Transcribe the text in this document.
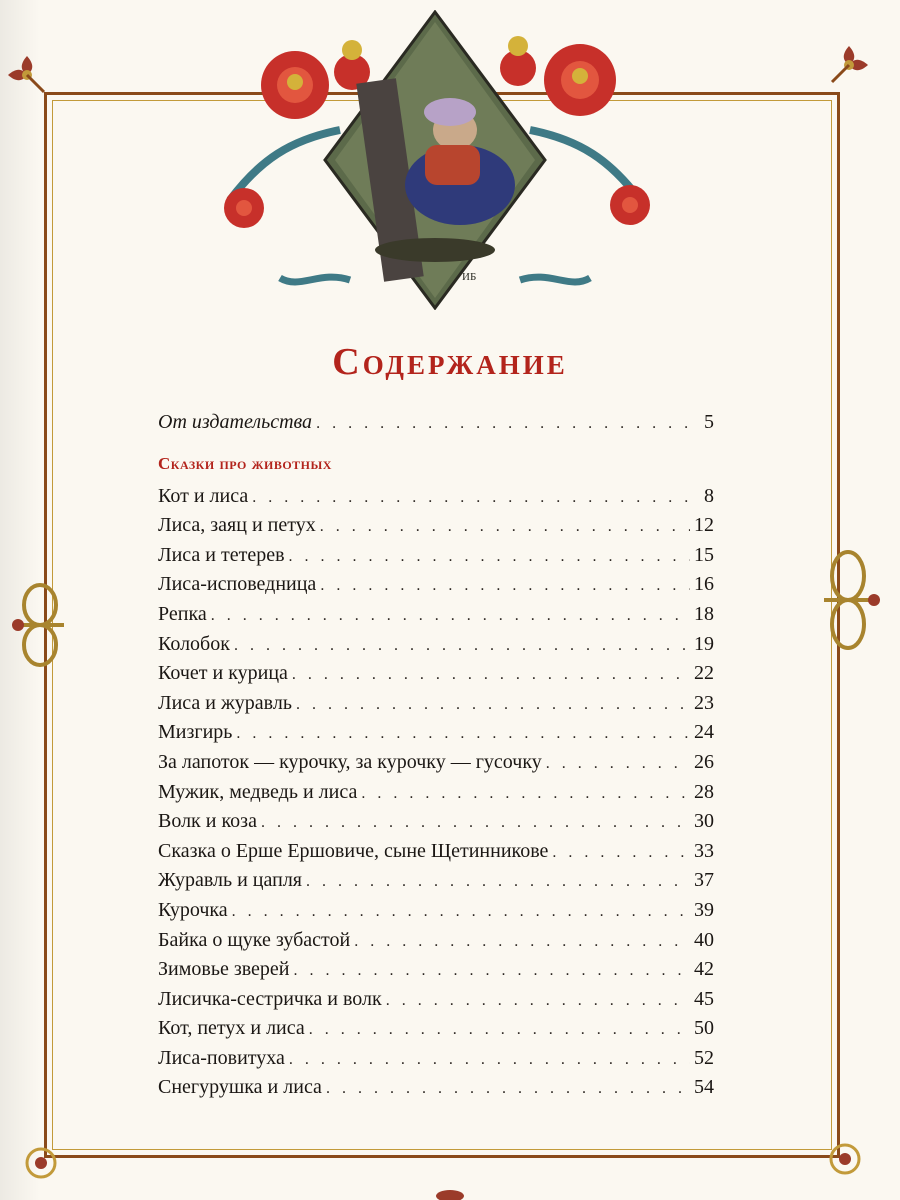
ИБ
Содержание
От издательства . . .	5
Сказки про животных
Кот и лиса . . .	8
Лиса, заяц и петух . . .	12
Лиса и тетерев . . .	15
Лиса-исповедница . . .	16
Репка . . .	18
Колобок . . .	19
Кочет и курица . . .	22
Лиса и журавль . . .	23
Мизгирь . . .	24
За лапоток — курочку, за курочку — гусочку . . .	26
Мужик, медведь и лиса . . .	28
Волк и коза . . .	30
Сказка о Ерше Ершовиче, сыне Щетинникове . . .	33
Журавль и цапля . . .	37
Курочка . . .	39
Байка о щуке зубастой . . .	40
Зимовье зверей . . .	42
Лисичка-сестричка и волк . . .	45
Кот, петух и лиса . . .	50
Лиса-повитуха . . .	52
Снегурушка и лиса . . .	54
